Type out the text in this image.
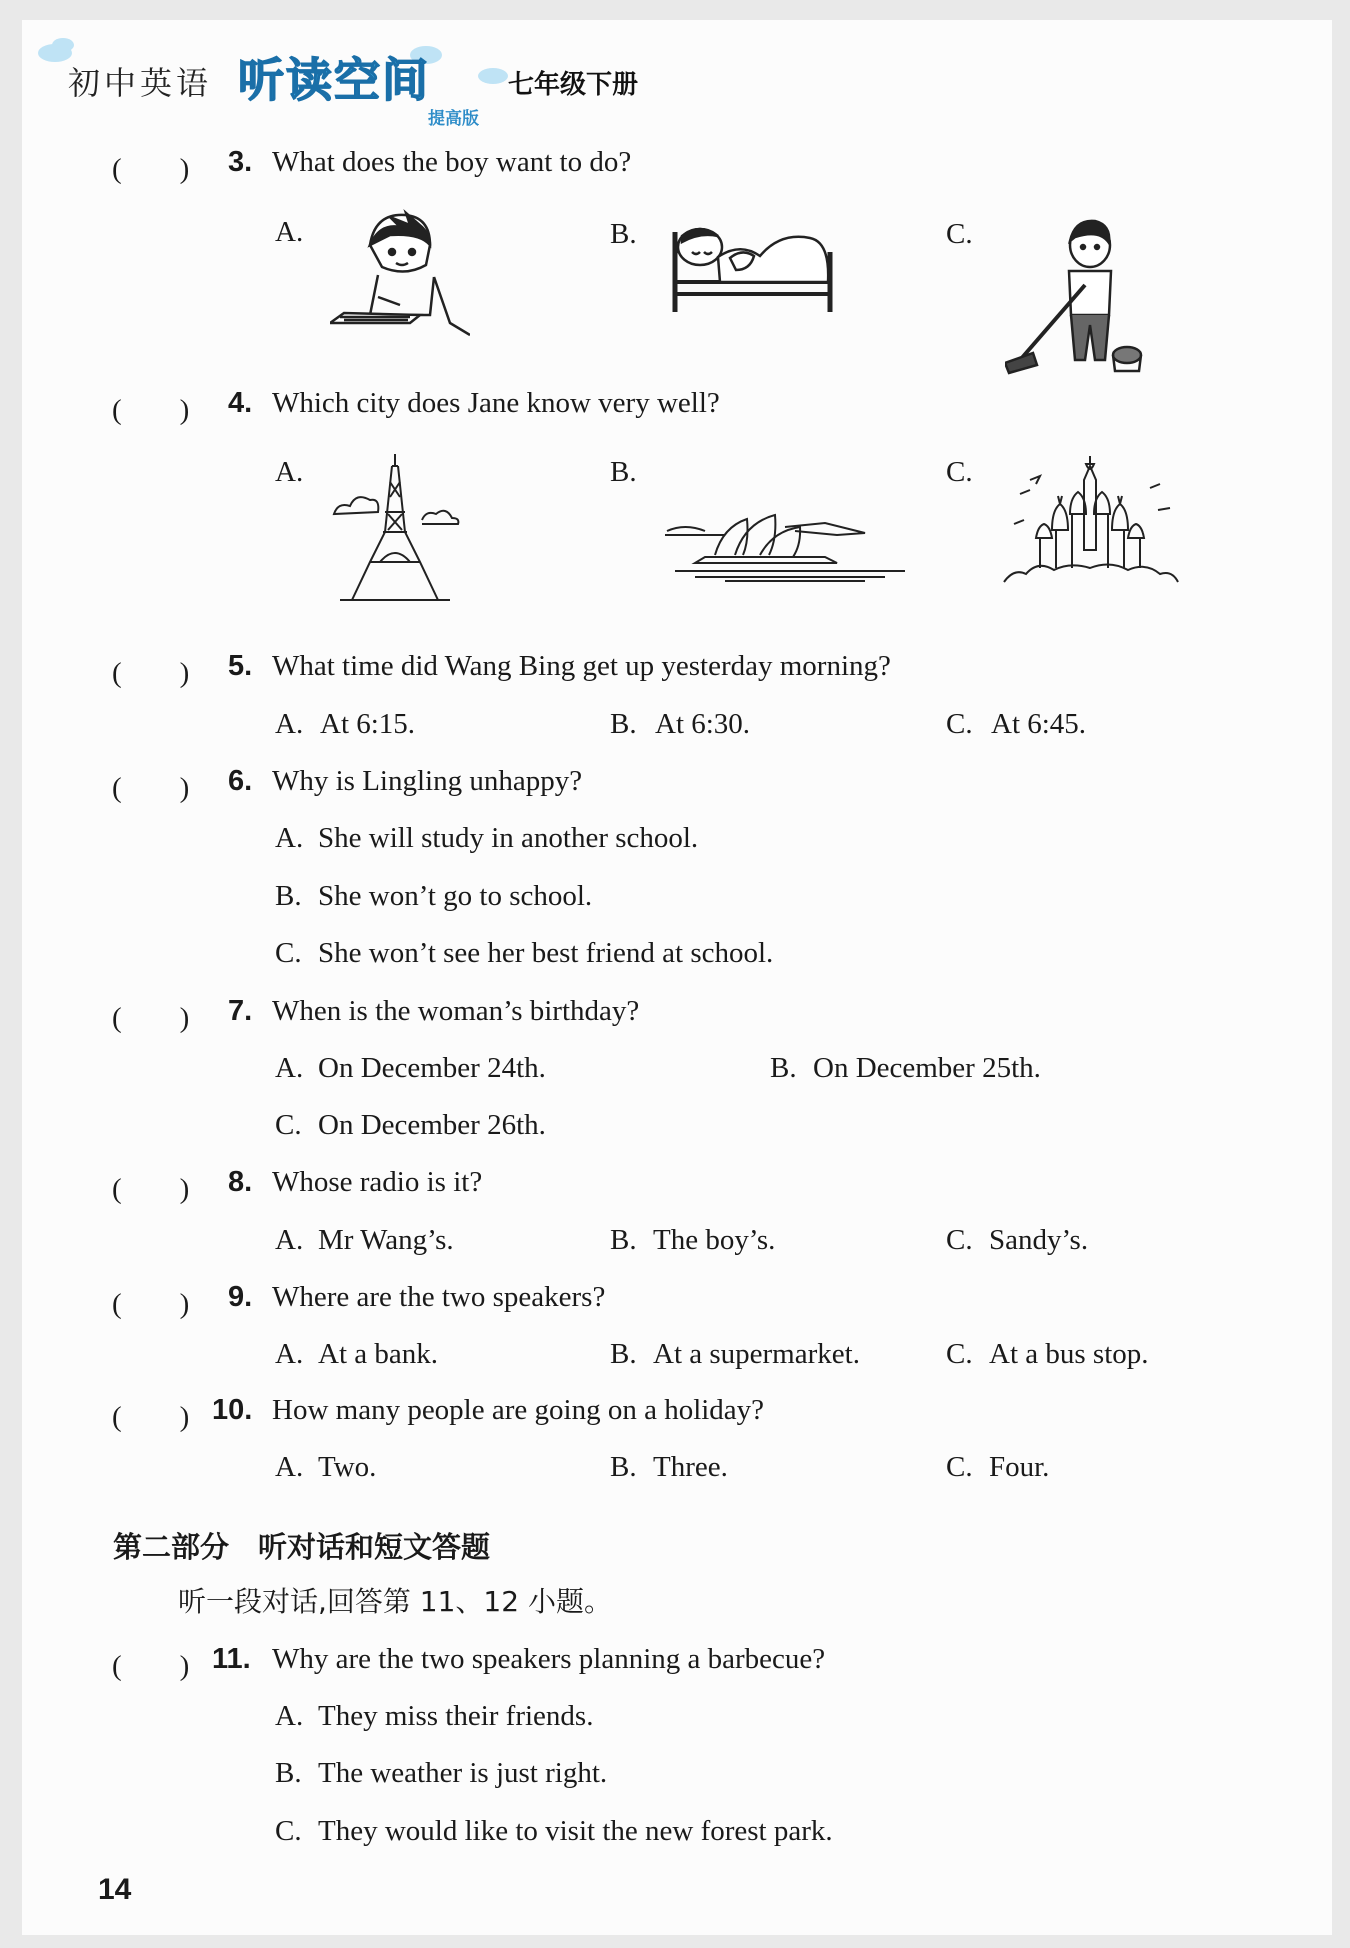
初中英语 听读空间
提高版
七年级下册
(　　) 3. What does the boy want to do?
A.	B.	C.
(　　) 4. Which city does Jane know very well?
A.	B.	C.
(　　) 5. What time did Wang Bing get up yesterday morning?
A. At 6:15.	B. At 6:30.	C. At 6:45.
(　　) 6. Why is Lingling unhappy?
A. She will study in another school.
B. She won’t go to school.
C. She won’t see her best friend at school.
(　　) 7. When is the woman’s birthday?
A. On December 24th.	B. On December 25th.
C. On December 26th.
(　　) 8. Whose radio is it?
A. Mr Wang’s.	B. The boy’s.	C. Sandy’s.
(　　) 9. Where are the two speakers?
A. At a bank.	B. At a supermarket.	C. At a bus stop.
(　　) 10. How many people are going on a holiday?
A. Two.	B. Three.	C. Four.
第二部分　听对话和短文答题
听一段对话,回答第 11、12 小题。
(　　) 11. Why are the two speakers planning a barbecue?
A. They miss their friends.
B. The weather is just right.
C. They would like to visit the new forest park.
14
